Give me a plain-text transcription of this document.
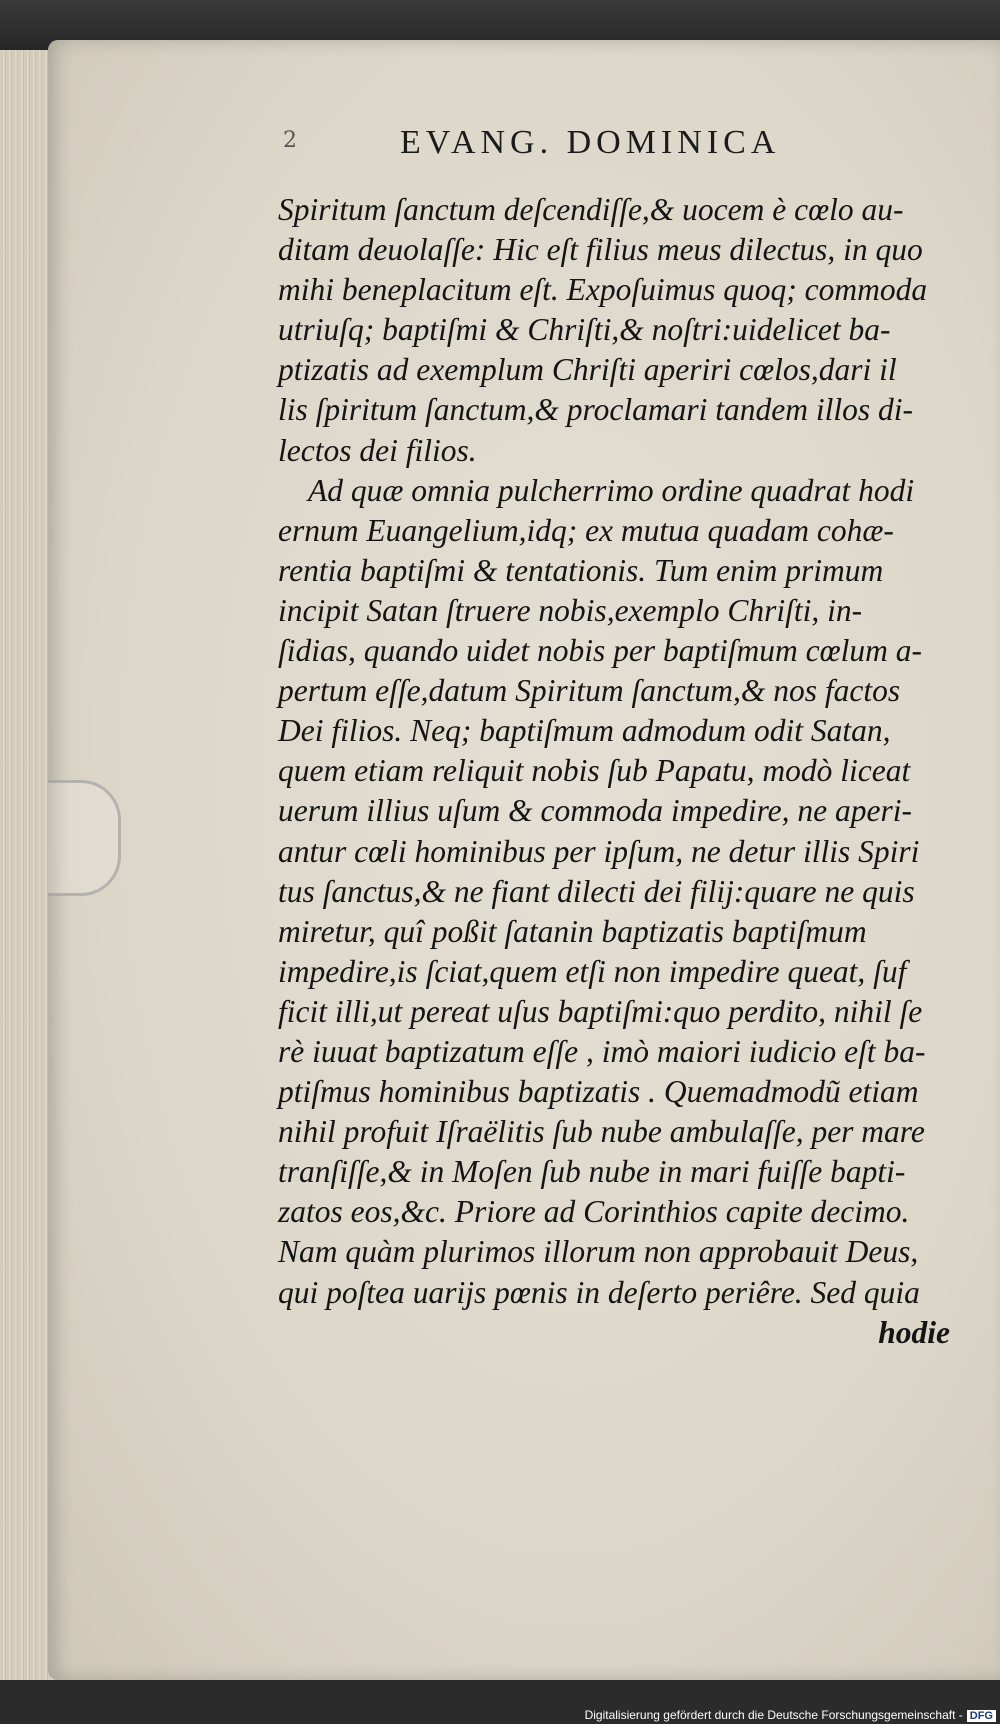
2	EVANG. DOMINICA
Spiritum ſanctum deſcendiſſe,& uocem è cœlo au-
ditam deuolaſſe: Hic eſt filius meus dilectus, in quo
mihi beneplacitum eſt. Expoſuimus quoq; commoda
utriuſq; baptiſmi & Chriſti,& noſtri:uidelicet ba-
ptizatis ad exemplum Chriſti aperiri cœlos,dari il
lis ſpiritum ſanctum,& proclamari tandem illos di-
lectos dei filios.
Ad quæ omnia pulcherrimo ordine quadrat hodi
ernum Euangelium,idq; ex mutua quadam cohæ-
rentia baptiſmi & tentationis. Tum enim primum
incipit Satan ſtruere nobis,exemplo Chriſti, in-
ſidias, quando uidet nobis per baptiſmum cœlum a-
pertum eſſe,datum Spiritum ſanctum,& nos factos
Dei filios. Neq; baptiſmum admodum odit Satan,
quem etiam reliquit nobis ſub Papatu, modò liceat
uerum illius uſum & commoda impedire, ne aperi-
antur cœli hominibus per ipſum, ne detur illis Spiri
tus ſanctus,& ne fiant dilecti dei filij:quare ne quis
miretur, quî poßit ſatanin baptizatis baptiſmum
impedire,is ſciat,quem etſi non impedire queat, ſuf
ficit illi,ut pereat uſus baptiſmi:quo perdito, nihil ſe
rè iuuat baptizatum eſſe , imò maiori iudicio eſt ba-
ptiſmus hominibus baptizatis . Quemadmodũ etiam
nihil profuit Iſraëlitis ſub nube ambulaſſe, per mare
tranſiſſe,& in Moſen ſub nube in mari fuiſſe bapti-
zatos eos,&c. Priore ad Corinthios capite decimo.
Nam quàm plurimos illorum non approbauit Deus,
qui poſtea uarijs pœnis in deſerto periêre. Sed quia
hodie
Digitalisierung gefördert durch die Deutsche Forschungsgemeinschaft - DFG
